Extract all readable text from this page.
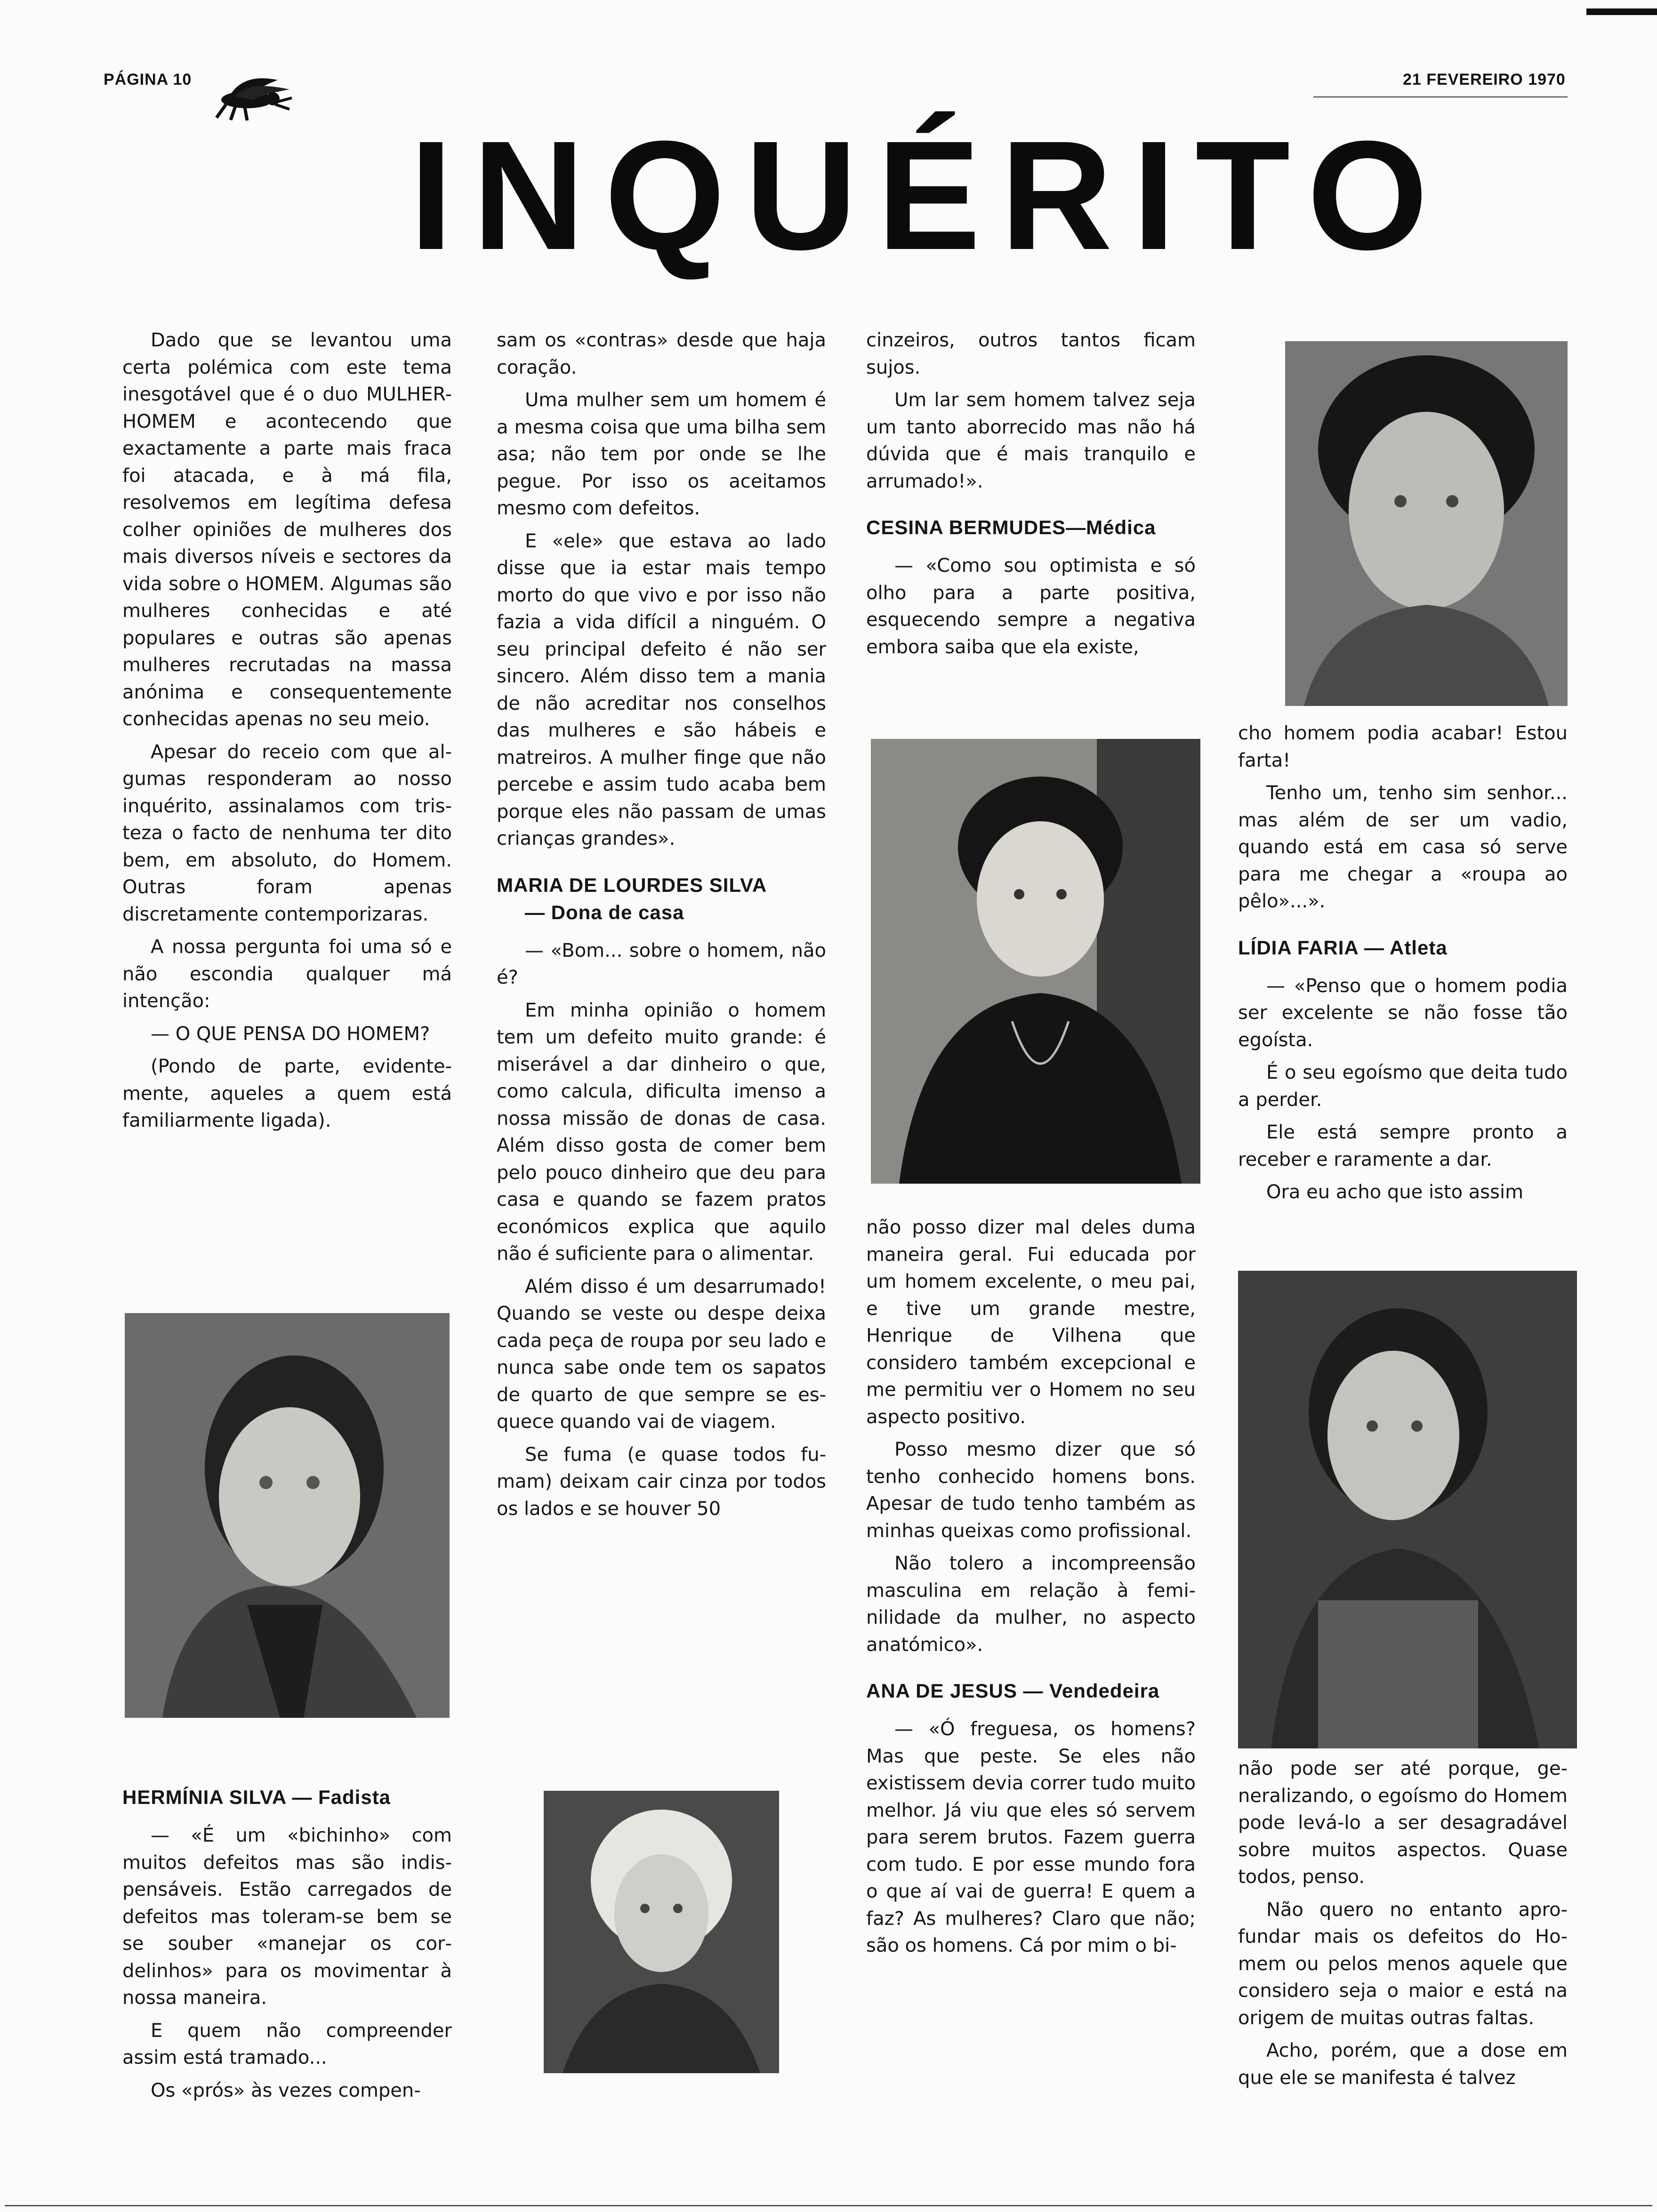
PÁGINA 10	21 FEVEREIRO 1970
INQUÉRITO

Dado que se levantou uma certa polémica com este tema inesgotável que é o duo MULHER-HOMEM e acontecendo que exactamente a parte mais fraca foi atacada, e à má fila, resolvemos em legítima defesa colher opiniões de mulheres dos mais diversos níveis e sectores da vida sobre o HOMEM. Algumas são mulheres conhecidas e até populares e outras são apenas mulheres recrutadas na massa anónima e consequentemente conhecidas apenas no seu meio.

Apesar do receio com que algumas responderam ao nosso inquérito, assinalamos com tristeza o facto de nenhuma ter dito bem, em absoluto, do Homem. Outras foram apenas discretamente contemporizaras.

A nossa pergunta foi uma só e não escondia qualquer má intenção:

— O QUE PENSA DO HOMEM?

(Pondo de parte, evidentemente, aqueles a quem está familiarmente ligada).

HERMÍNIA SILVA — Fadista

— «É um «bichinho» com muitos defeitos mas são indispensáveis. Estão carregados de defeitos mas toleram-se bem se se souber «manejar os cordelinhos» para os movimentar à nossa maneira.

E quem não compreender assim está tramado...

Os «prós» às vezes compen-

sam os «contras» desde que haja coração.

Uma mulher sem um homem é a mesma coisa que uma bilha sem asa; não tem por onde se lhe pegue. Por isso os aceitamos mesmo com defeitos.

E «ele» que estava ao lado disse que ia estar mais tempo morto do que vivo e por isso não fazia a vida difícil a ninguém. O seu principal defeito é não ser sincero. Além disso tem a mania de não acreditar nos conselhos das mulheres e são hábeis e matreiros. A mulher finge que não percebe e assim tudo acaba bem porque eles não passam de umas crianças grandes».

MARIA DE LOURDES SILVA
— Dona de casa

— «Bom... sobre o homem, não é?

Em minha opinião o homem tem um defeito muito grande: é miserável a dar dinheiro o que, como calcula, dificulta imenso a nossa missão de donas de casa. Além disso gosta de comer bem pelo pouco dinheiro que deu para casa e quando se fazem pratos económicos explica que aquilo não é suficiente para o alimentar.

Além disso é um desarrumado! Quando se veste ou despe deixa cada peça de roupa por seu lado e nunca sabe onde tem os sapatos de quarto de que sempre se esquece quando vai de viagem.

Se fuma (e quase todos fumam) deixam cair cinza por todos os lados e se houver 50

cinzeiros, outros tantos ficam sujos.

Um lar sem homem talvez seja um tanto aborrecido mas não há dúvida que é mais tranquilo e arrumado!».

CESINA BERMUDES—Médica

— «Como sou optimista e só olho para a parte positiva, esquecendo sempre a negativa embora saiba que ela existe,

não posso dizer mal deles duma maneira geral. Fui educada por um homem excelente, o meu pai, e tive um grande mestre, Henrique de Vilhena que considero também excepcional e me permitiu ver o Homem no seu aspecto positivo.

Posso mesmo dizer que só tenho conhecido homens bons. Apesar de tudo tenho também as minhas queixas como profissional.

Não tolero a incompreensão masculina em relação à feminilidade da mulher, no aspecto anatómico».

ANA DE JESUS — Vendedeira

— «Ó freguesa, os homens? Mas que peste. Se eles não existissem devia correr tudo muito melhor. Já viu que eles só servem para serem brutos. Fazem guerra com tudo. E por esse mundo fora o que aí vai de guerra! E quem a faz? As mulheres? Claro que não; são os homens. Cá por mim o bi-

cho homem podia acabar! Estou farta!

Tenho um, tenho sim senhor... mas além de ser um vadio, quando está em casa só serve para me chegar a «roupa ao pêlo»...».

LÍDIA FARIA — Atleta

— «Penso que o homem podia ser excelente se não fosse tão egoísta.

É o seu egoísmo que deita tudo a perder.

Ele está sempre pronto a receber e raramente a dar.

Ora eu acho que isto assim

não pode ser até porque, generalizando, o egoísmo do Homem pode levá-lo a ser desagradável sobre muitos aspectos. Quase todos, penso.

Não quero no entanto aprofundar mais os defeitos do Homem ou pelos menos aquele que considero seja o maior e está na origem de muitas outras faltas.

Acho, porém, que a dose em que ele se manifesta é talvez
